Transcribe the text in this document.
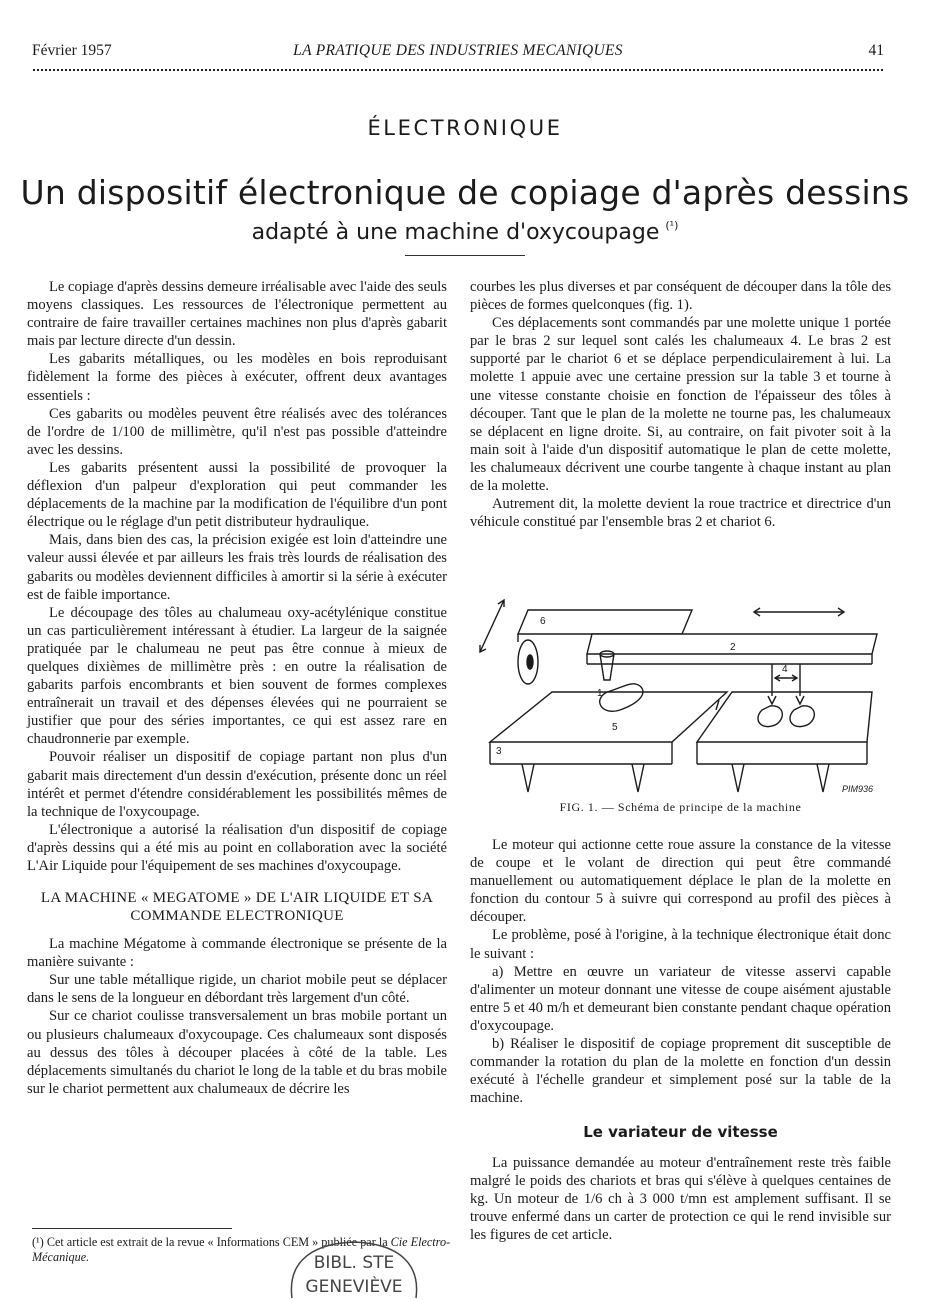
Février 1957	LA PRATIQUE DES INDUSTRIES MECANIQUES	41
ÉLECTRONIQUE
Un dispositif électronique de copiage d'après dessins
adapté à une machine d'oxycoupage $^{(^1)}$

Le copiage d'après dessins demeure irréalisable avec l'aide des seuls moyens classiques. Les ressources de l'électronique permettent au contraire de faire travailler certaines machines non plus d'après gabarit mais par lecture directe d'un dessin.

Les gabarits métalliques, ou les modèles en bois reproduisant fidèlement la forme des pièces à exécuter, offrent deux avantages essentiels :

Ces gabarits ou modèles peuvent être réalisés avec des tolérances de l'ordre de 1/100 de millimètre, qu'il n'est pas possible d'atteindre avec les dessins.

Les gabarits présentent aussi la possibilité de provoquer la déflexion d'un palpeur d'exploration qui peut commander les déplacements de la machine par la modification de l'équilibre d'un pont électrique ou le réglage d'un petit distributeur hydraulique.

Mais, dans bien des cas, la précision exigée est loin d'atteindre une valeur aussi élevée et par ailleurs les frais très lourds de réalisation des gabarits ou modèles deviennent difficiles à amortir si la série à exécuter est de faible importance.

Le découpage des tôles au chalumeau oxy-acétylénique constitue un cas particulièrement intéressant à étudier. La largeur de la saignée pratiquée par le chalumeau ne peut pas être connue à mieux de quelques dixièmes de millimètre près : en outre la réalisation de gabarits parfois encombrants et bien souvent de formes complexes entraînerait un travail et des dépenses élevées qui ne pourraient se justifier que pour des séries importantes, ce qui est assez rare en chaudronnerie par exemple.

Pouvoir réaliser un dispositif de copiage partant non plus d'un gabarit mais directement d'un dessin d'exécution, présente donc un réel intérêt et permet d'étendre considérablement les possibilités mêmes de la technique de l'oxycoupage.

L'électronique a autorisé la réalisation d'un dispositif de copiage d'après dessins qui a été mis au point en collaboration avec la société L'Air Liquide pour l'équipement de ses machines d'oxycoupage.

LA MACHINE « MEGATOME » DE L'AIR LIQUIDE ET SA COMMANDE ELECTRONIQUE

La machine Mégatome à commande électronique se présente de la manière suivante :

Sur une table métallique rigide, un chariot mobile peut se déplacer dans le sens de la longueur en débordant très largement d'un côté.

Sur ce chariot coulisse transversalement un bras mobile portant un ou plusieurs chalumeaux d'oxycoupage. Ces chalumeaux sont disposés au dessus des tôles à découper placées à côté de la table. Les déplacements simultanés du chariot le long de la table et du bras mobile sur le chariot permettent aux chalumeaux de décrire les

courbes les plus diverses et par conséquent de découper dans la tôle des pièces de formes quelconques (fig. 1).

Ces déplacements sont commandés par une molette unique 1 portée par le bras 2 sur lequel sont calés les chalumeaux 4. Le bras 2 est supporté par le chariot 6 et se déplace perpendiculairement à lui. La molette 1 appuie avec une certaine pression sur la table 3 et tourne à une vitesse constante choisie en fonction de l'épaisseur des tôles à découper. Tant que le plan de la molette ne tourne pas, les chalumeaux se déplacent en ligne droite. Si, au contraire, on fait pivoter soit à la main soit à l'aide d'un dispositif automatique le plan de cette molette, les chalumeaux décrivent une courbe tangente à chaque instant au plan de la molette.

Autrement dit, la molette devient la roue tractrice et directrice d'un véhicule constitué par l'ensemble bras 2 et chariot 6.

6
2
1
4
5
3
PIM936
FIG. 1. — Schéma de principe de la machine

Le moteur qui actionne cette roue assure la constance de la vitesse de coupe et le volant de direction qui peut être commandé manuellement ou automatiquement déplace le plan de la molette en fonction du contour 5 à suivre qui correspond au profil des pièces à découper.

Le problème, posé à l'origine, à la technique électronique était donc le suivant :

a) Mettre en œuvre un variateur de vitesse asservi capable d'alimenter un moteur donnant une vitesse de coupe aisément ajustable entre 5 et 40 m/h et demeurant bien constante pendant chaque opération d'oxycoupage.

b) Réaliser le dispositif de copiage proprement dit susceptible de commander la rotation du plan de la molette en fonction d'un dessin exécuté à l'échelle grandeur et simplement posé sur la table de la machine.

Le variateur de vitesse

La puissance demandée au moteur d'entraînement reste très faible malgré le poids des chariots et bras qui s'élève à quelques centaines de kg. Un moteur de 1/6 ch à 3 000 t/mn est amplement suffisant. Il se trouve enfermé dans un carter de protection ce qui le rend invisible sur les figures de cet article.

(¹) Cet article est extrait de la revue « Informations CEM » publiée par la Cie Electro-Mécanique.	BIBL. STE
GENEVIÈVE
